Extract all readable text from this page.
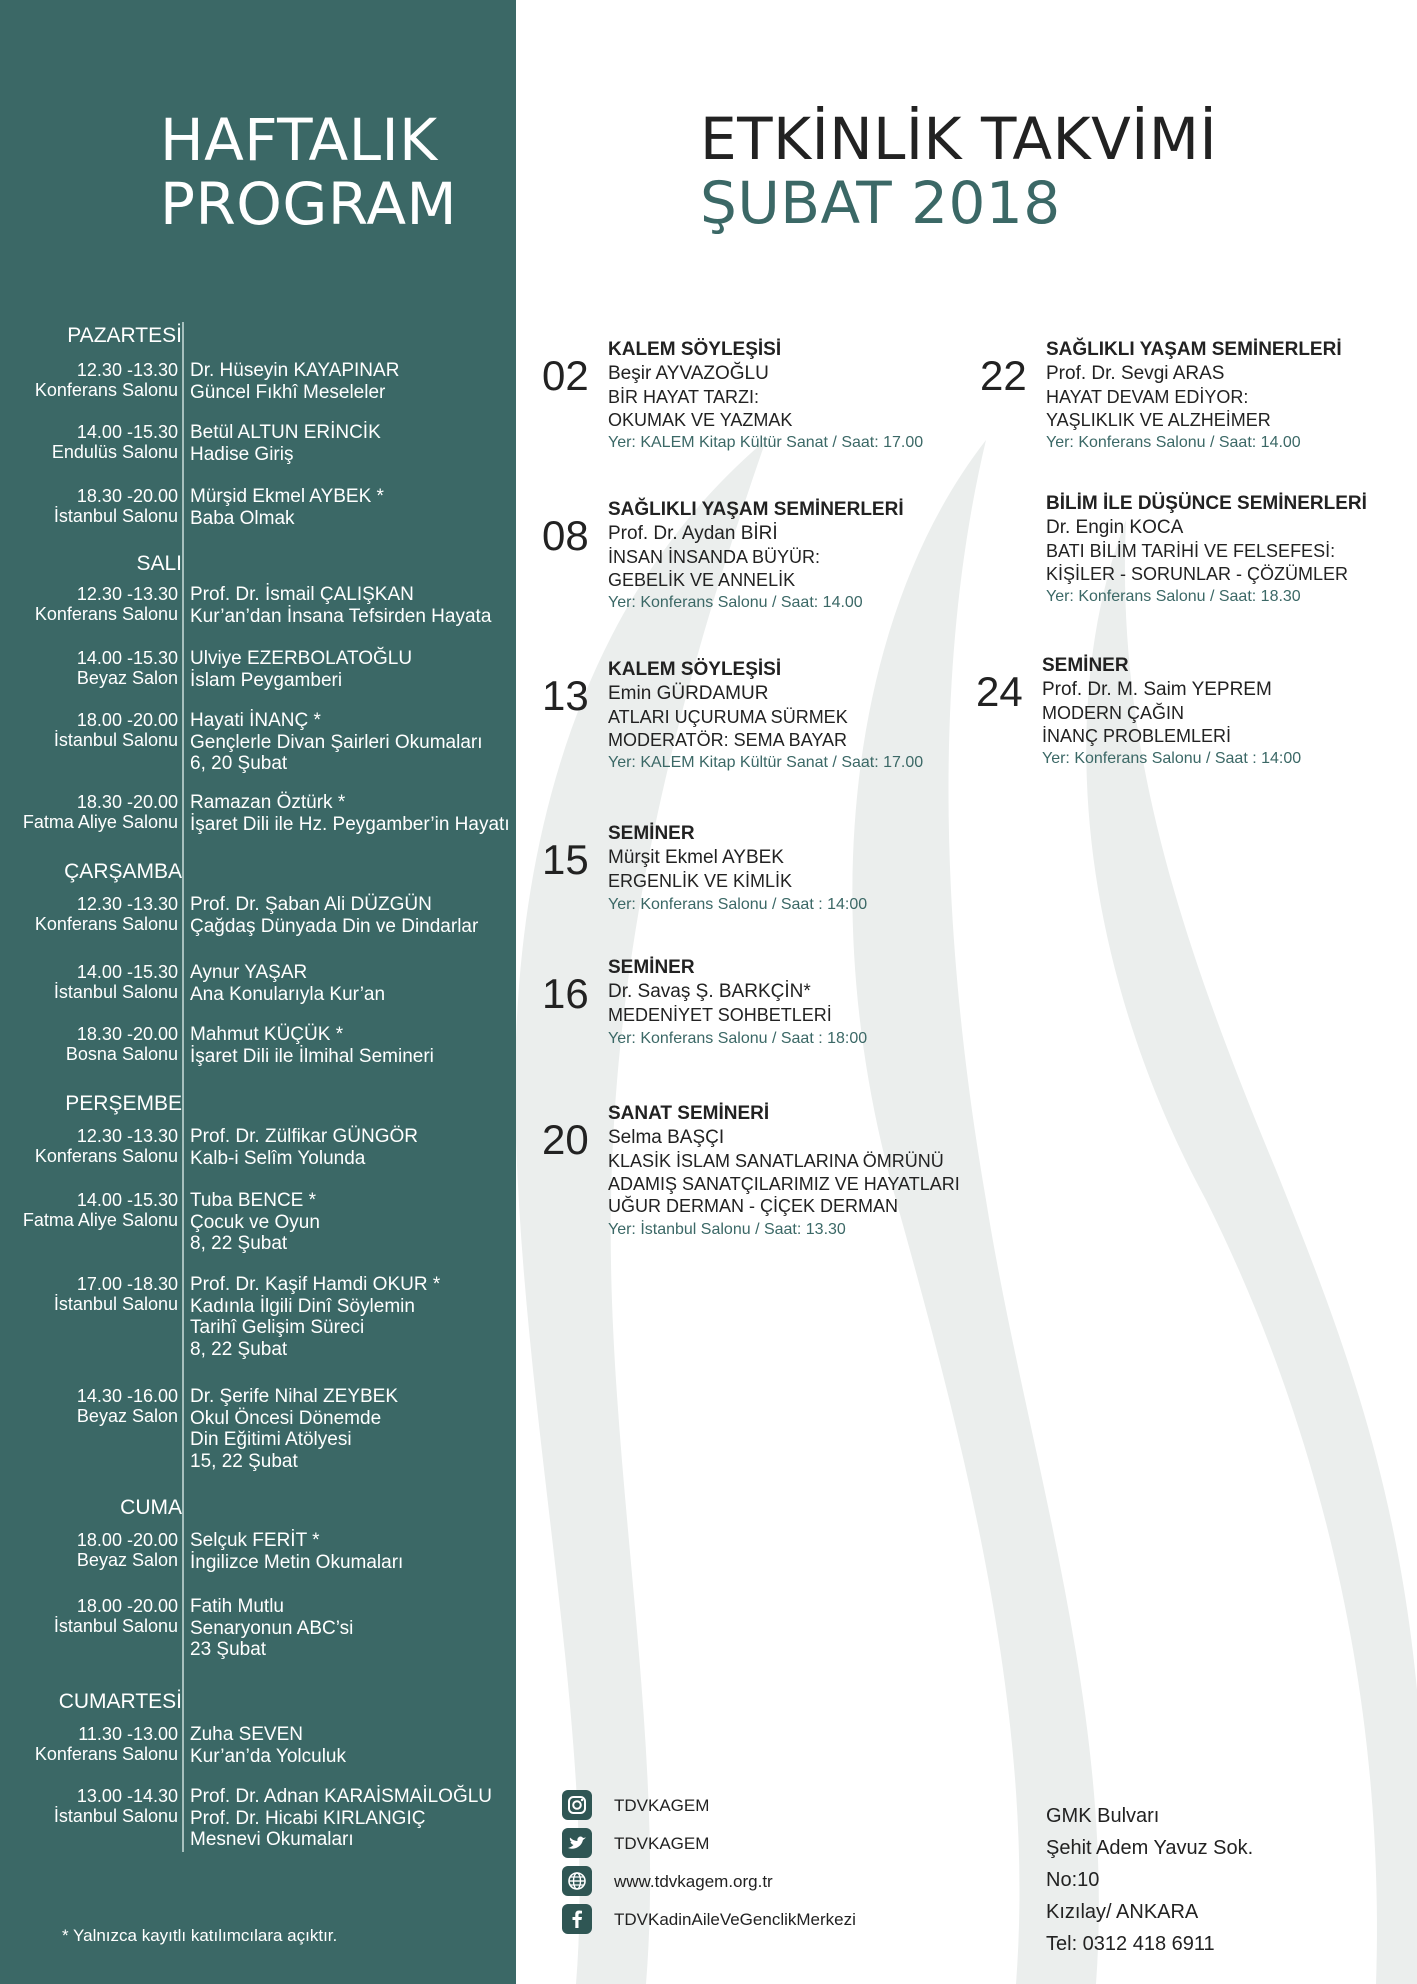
HAFTALIK
PROGRAM
PAZARTESİ
12.30 -13.30
Konferans Salonu
Dr. Hüseyin KAYAPINAR
Güncel Fıkhî Meseleler
14.00 -15.30
Endulüs Salonu
Betül ALTUN ERİNCİK
Hadise Giriş
18.30 -20.00
İstanbul Salonu
Mürşid Ekmel AYBEK *
Baba Olmak
SALI
12.30 -13.30
Konferans Salonu
Prof. Dr. İsmail ÇALIŞKAN
Kur’an’dan İnsana Tefsirden Hayata
14.00 -15.30
Beyaz Salon
Ulviye EZERBOLATOĞLU
İslam Peygamberi
18.00 -20.00
İstanbul Salonu
Hayati İNANÇ *
Gençlerle Divan Şairleri Okumaları
6, 20 Şubat
18.30 -20.00
Fatma Aliye Salonu
Ramazan Öztürk *
İşaret Dili ile Hz. Peygamber’in Hayatı
ÇARŞAMBA
12.30 -13.30
Konferans Salonu
Prof. Dr. Şaban Ali DÜZGÜN
Çağdaş Dünyada Din ve Dindarlar
14.00 -15.30
İstanbul Salonu
Aynur YAŞAR
Ana Konularıyla Kur’an
18.30 -20.00
Bosna Salonu
Mahmut KÜÇÜK *
İşaret Dili ile İlmihal Semineri
PERŞEMBE
12.30 -13.30
Konferans Salonu
Prof. Dr. Zülfikar GÜNGÖR
Kalb-i Selîm Yolunda
14.00 -15.30
Fatma Aliye Salonu
Tuba BENCE *
Çocuk ve Oyun
8, 22 Şubat
17.00 -18.30
İstanbul Salonu
Prof. Dr. Kaşif Hamdi OKUR *
Kadınla İlgili Dinî Söylemin
Tarihî Gelişim Süreci
8, 22 Şubat
14.30 -16.00
Beyaz Salon
Dr. Şerife Nihal ZEYBEK
Okul Öncesi Dönemde
Din Eğitimi Atölyesi
15, 22 Şubat
CUMA
18.00 -20.00
Beyaz Salon
Selçuk FERİT *
İngilizce Metin Okumaları
18.00 -20.00
İstanbul Salonu
Fatih Mutlu
Senaryonun ABC’si
23 Şubat
CUMARTESİ
11.30 -13.00
Konferans Salonu
Zuha SEVEN
Kur’an’da Yolculuk
13.00 -14.30
İstanbul Salonu
Prof. Dr. Adnan KARAİSMAİLOĞLU
Prof. Dr. Hicabi KIRLANGIÇ
Mesnevi Okumaları
* Yalnızca kayıtlı katılımcılara açıktır.
ETKİNLİK TAKVİMİ
ŞUBAT 2018
02
KALEM SÖYLEŞİSİ
Beşir AYVAZOĞLU
BİR HAYAT TARZI:
OKUMAK VE YAZMAK
Yer: KALEM Kitap Kültür Sanat / Saat: 17.00
08
SAĞLIKLI YAŞAM SEMİNERLERİ
Prof. Dr. Aydan BİRİ
İNSAN İNSANDA BÜYÜR:
GEBELİK VE ANNELİK
Yer: Konferans Salonu / Saat: 14.00
13
KALEM SÖYLEŞİSİ
Emin GÜRDAMUR
ATLARI UÇURUMA SÜRMEK
MODERATÖR: SEMA BAYAR
Yer: KALEM Kitap Kültür Sanat / Saat: 17.00
15
SEMİNER
Mürşit Ekmel AYBEK
ERGENLİK VE KİMLİK
Yer: Konferans Salonu / Saat : 14:00
16
SEMİNER
Dr. Savaş Ş. BARKÇİN*
MEDENİYET SOHBETLERİ
Yer: Konferans Salonu / Saat : 18:00
20
SANAT SEMİNERİ
Selma BAŞÇI
KLASİK İSLAM SANATLARINA ÖMRÜNÜ
ADAMIŞ SANATÇILARIMIZ VE HAYATLARI
UĞUR DERMAN - ÇİÇEK DERMAN
Yer: İstanbul Salonu / Saat: 13.30
22
SAĞLIKLI YAŞAM SEMİNERLERİ
Prof. Dr. Sevgi ARAS
HAYAT DEVAM EDİYOR:
YAŞLIKLIK VE ALZHEİMER
Yer: Konferans Salonu / Saat: 14.00
BİLİM İLE DÜŞÜNCE SEMİNERLERİ
Dr. Engin KOCA
BATI BİLİM TARİHİ VE FELSEFESİ:
KİŞİLER - SORUNLAR - ÇÖZÜMLER
Yer: Konferans Salonu / Saat: 18.30
24
SEMİNER
Prof. Dr. M. Saim YEPREM
MODERN ÇAĞIN
İNANÇ PROBLEMLERİ
Yer: Konferans Salonu / Saat : 14:00
TDVKAGEM
TDVKAGEM
www.tdvkagem.org.tr
TDVKadinAileVeGenclikMerkezi
GMK Bulvarı
Şehit Adem Yavuz Sok.
No:10
Kızılay/ ANKARA
Tel: 0312 418 6911
